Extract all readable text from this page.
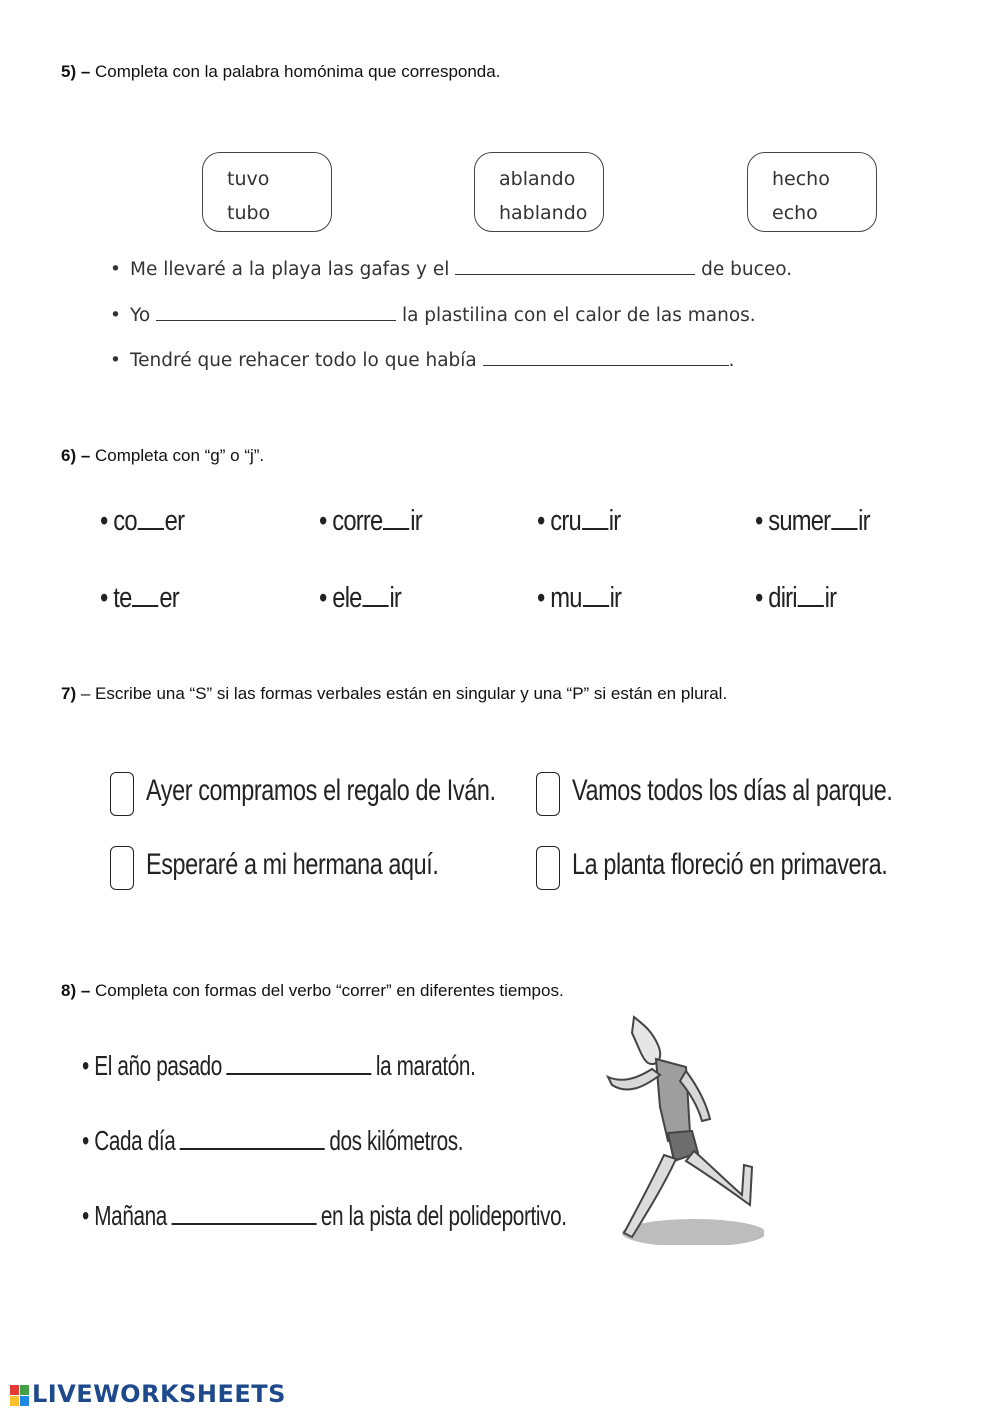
5) – Completa con la palabra homónima que corresponda.
tuvo
tubo
ablando
hablando
hecho
echo
• Me llevaré a la playa las gafas y el	de buceo.
• Yo	la plastilina con el calor de las manos.
• Tendré que rehacer todo lo que había	.
6) – Completa con “g” o “j”.
• co er	• corre ir	• cru ir	• sumer ir
• te er	• ele ir	• mu ir	• diri ir
7) – Escribe una “S” si las formas verbales están en singular y una “P” si están en plural.
Ayer compramos el regalo de Iván.	Vamos todos los días al parque.
Esperaré a mi hermana aquí.	La planta floreció en primavera.
8) – Completa con formas del verbo “correr” en diferentes tiempos.
• El año pasado	la maratón.
• Cada día	dos kilómetros.
• Mañana	en la pista del polideportivo.
LIVEWORKSHEETS
